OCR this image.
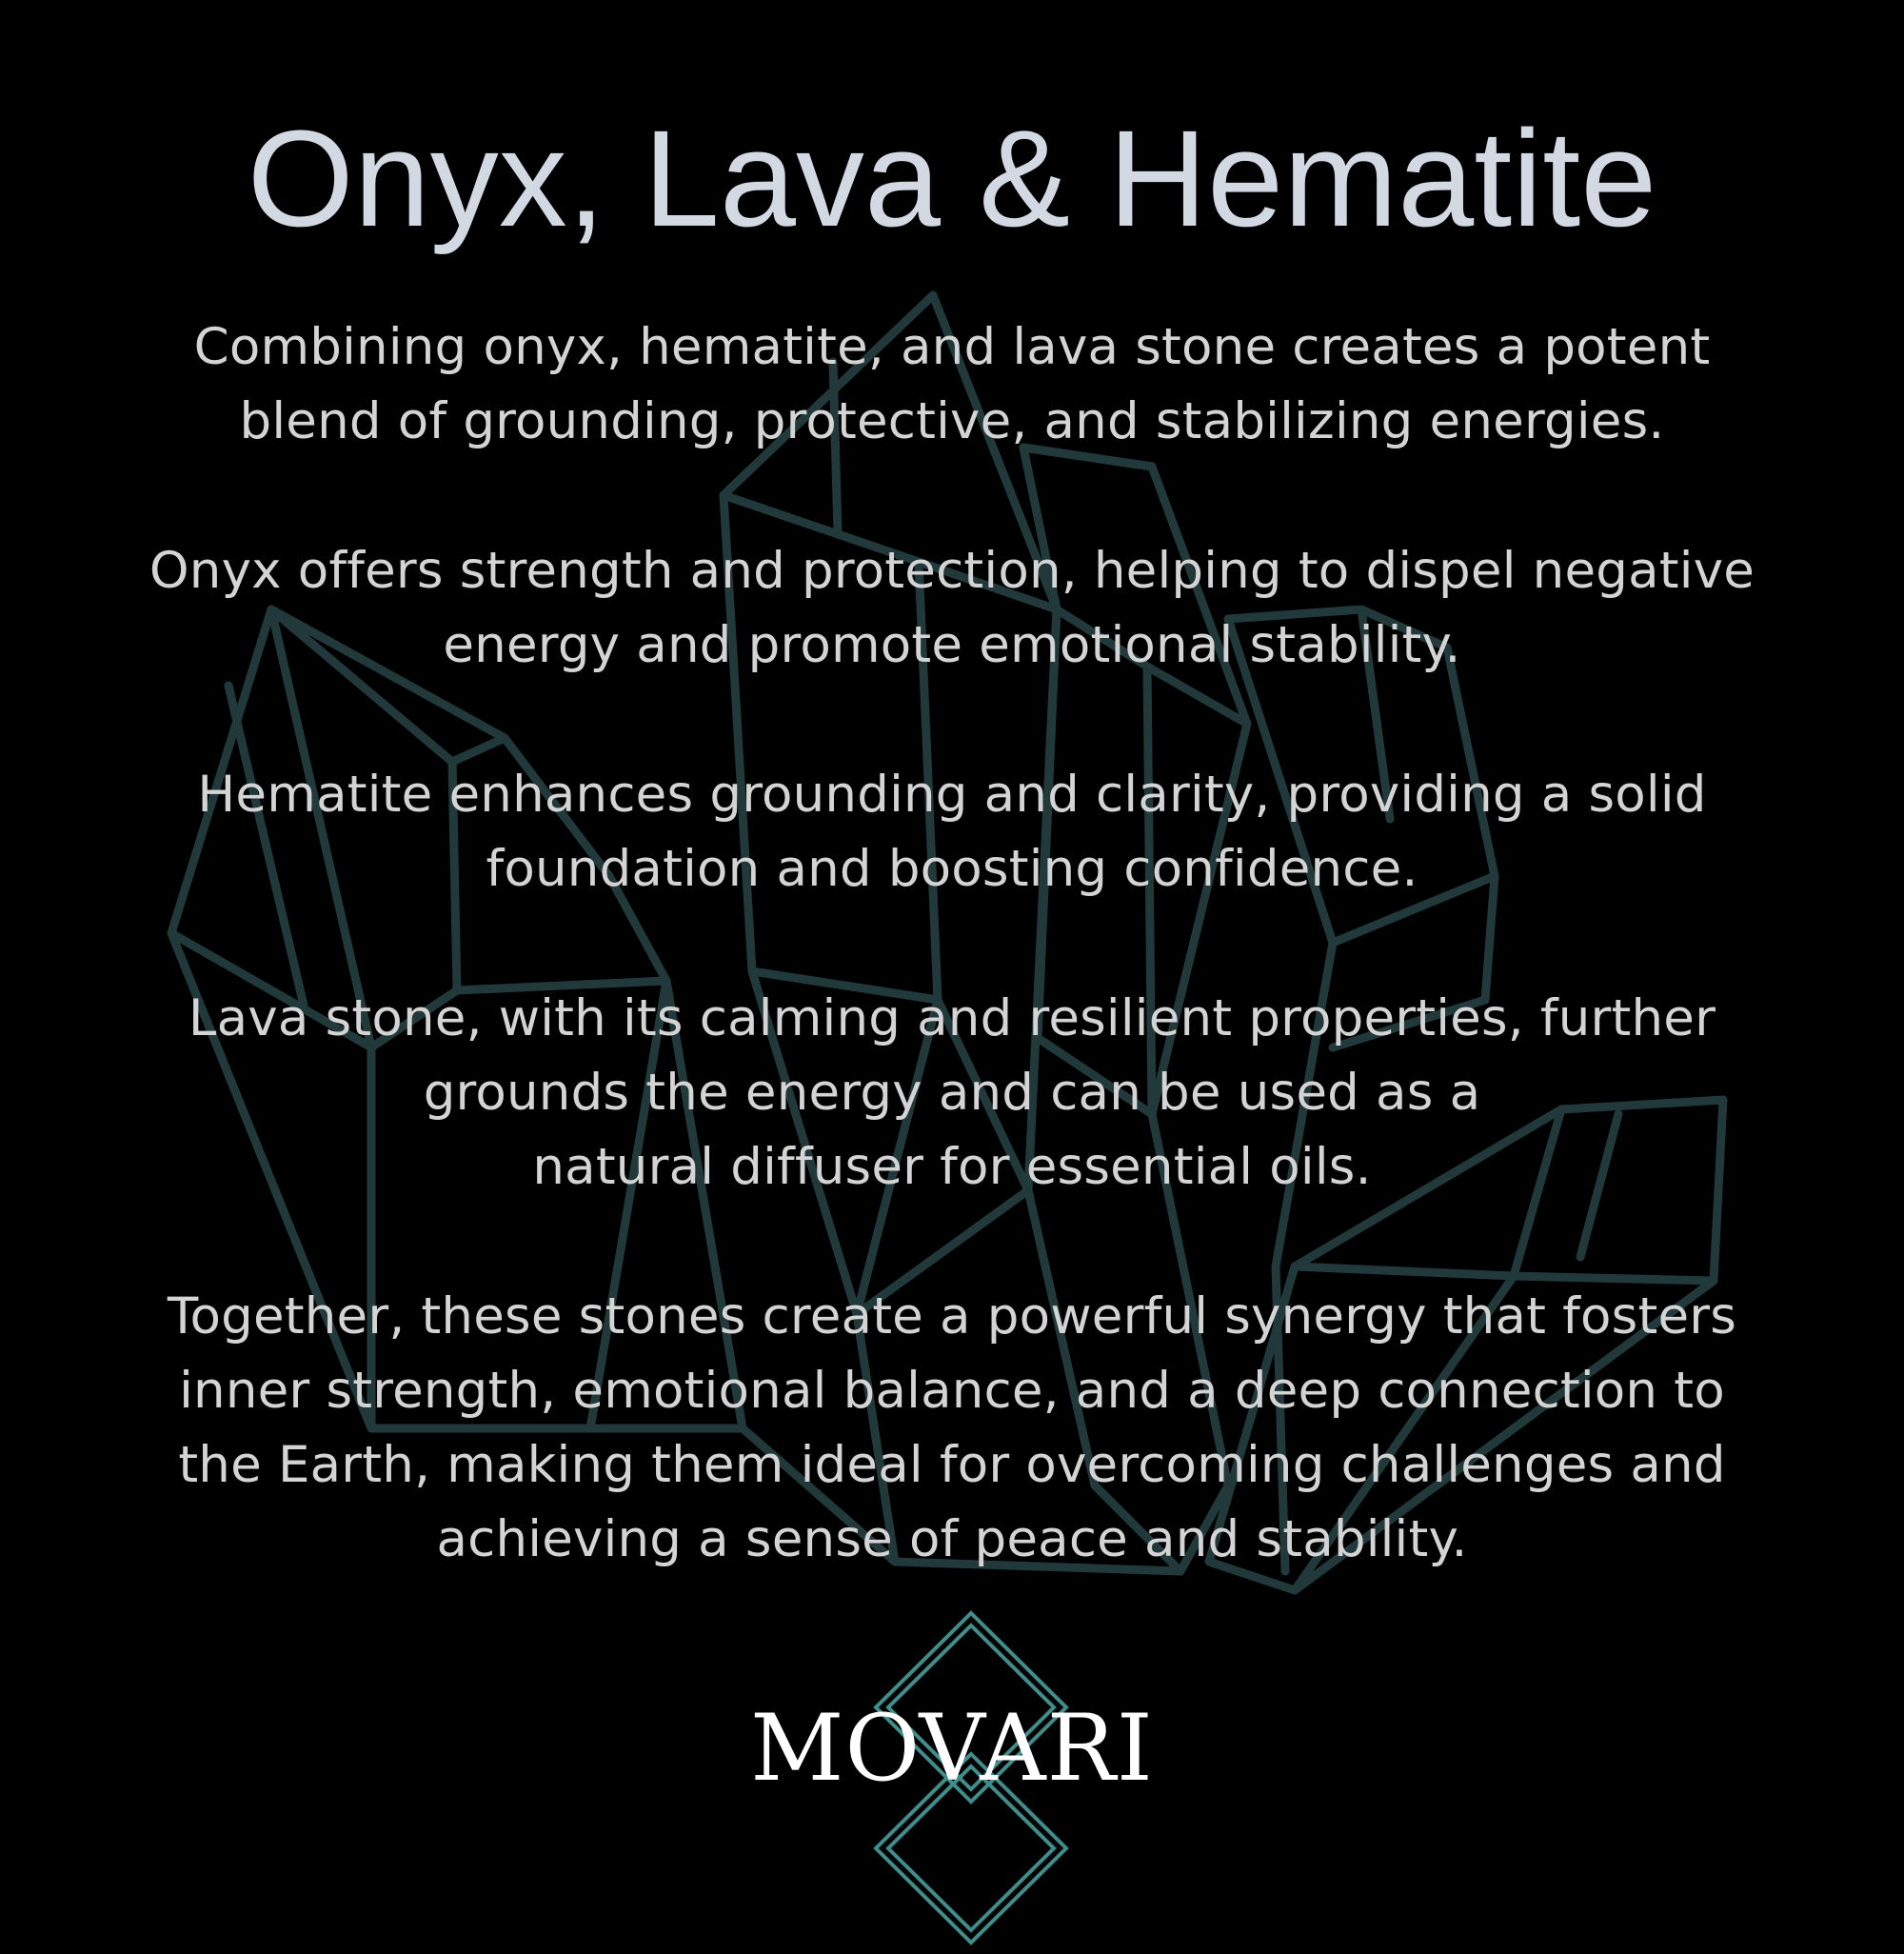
Onyx, Lava & Hematite

Combining onyx, hematite, and lava stone creates a potent
blend of grounding, protective, and stabilizing energies.

Onyx offers strength and protection, helping to dispel negative
energy and promote emotional stability.

Hematite enhances grounding and clarity, providing a solid
foundation and boosting confidence.

Lava stone, with its calming and resilient properties, further
grounds the energy and can be used as a
natural diffuser for essential oils.

Together, these stones create a powerful synergy that fosters
inner strength, emotional balance, and a deep connection to
the Earth, making them ideal for overcoming challenges and
achieving a sense of peace and stability.

MOVARI
